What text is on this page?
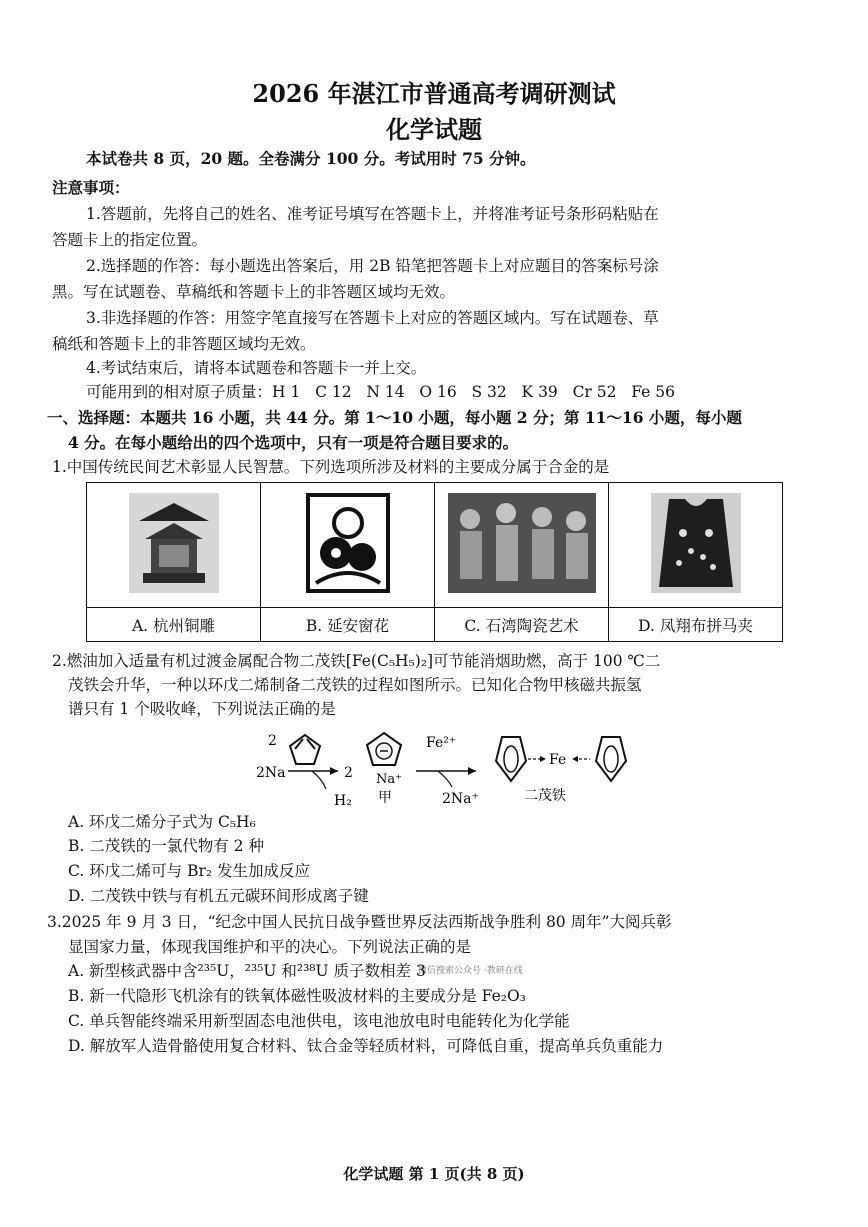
2026 年湛江市普通高考调研测试
化学试题
本试卷共 8 页，20 题。全卷满分 100 分。考试用时 75 分钟。
注意事项：
1.答题前，先将自己的姓名、准考证号填写在答题卡上，并将准考证号条形码粘贴在
答题卡上的指定位置。
2.选择题的作答：每小题选出答案后，用 2B 铅笔把答题卡上对应题目的答案标号涂
黑。写在试题卷、草稿纸和答题卡上的非答题区域均无效。
3.非选择题的作答：用签字笔直接写在答题卡上对应的答题区域内。写在试题卷、草
稿纸和答题卡上的非答题区域均无效。
4.考试结束后，请将本试题卷和答题卡一并上交。
可能用到的相对原子质量：H 1   C 12   N 14   O 16   S 32   K 39   Cr 52   Fe 56
一、选择题：本题共 16 小题，共 44 分。第 1～10 小题，每小题 2 分；第 11～16 小题，每小题
4 分。在每小题给出的四个选项中，只有一项是符合题目要求的。
1.中国传统民间艺术彰显人民智慧。下列选项所涉及材料的主要成分属于合金的是

A. 杭州铜雕	B. 延安窗花	C. 石湾陶瓷艺术	D. 凤翔布拼马夹
2.燃油加入适量有机过渡金属配合物二茂铁[Fe(C₅H₅)₂]可节能消烟助燃，高于 100 ℃二
茂铁会升华，一种以环戊二烯制备二茂铁的过程如图所示。已知化合物甲核磁共振氢
谱只有 1 个吸收峰，下列说法正确的是
2
2Na
H₂
2 Na⁺
甲
Fe²⁺
2Na⁺
Fe
二茂铁
A. 环戊二烯分子式为 C₅H₆
B. 二茂铁的一氯代物有 2 种
C. 环戊二烯可与 Br₂ 发生加成反应
D. 二茂铁中铁与有机五元碳环间形成离子键
3.2025 年 9 月 3 日，“纪念中国人民抗日战争暨世界反法西斯战争胜利 80 周年”大阅兵彰
显国家力量，体现我国维护和平的决心。下列说法正确的是
微信搜索公众号 ·教研在线
A. 新型核武器中含²³⁵U，²³⁵U 和²³⁸U 质子数相差 3
B. 新一代隐形飞机涂有的铁氧体磁性吸波材料的主要成分是 Fe₂O₃
C. 单兵智能终端采用新型固态电池供电，该电池放电时电能转化为化学能
D. 解放军人造骨骼使用复合材料、钛合金等轻质材料，可降低自重，提高单兵负重能力
化学试题 第 1 页(共 8 页)
